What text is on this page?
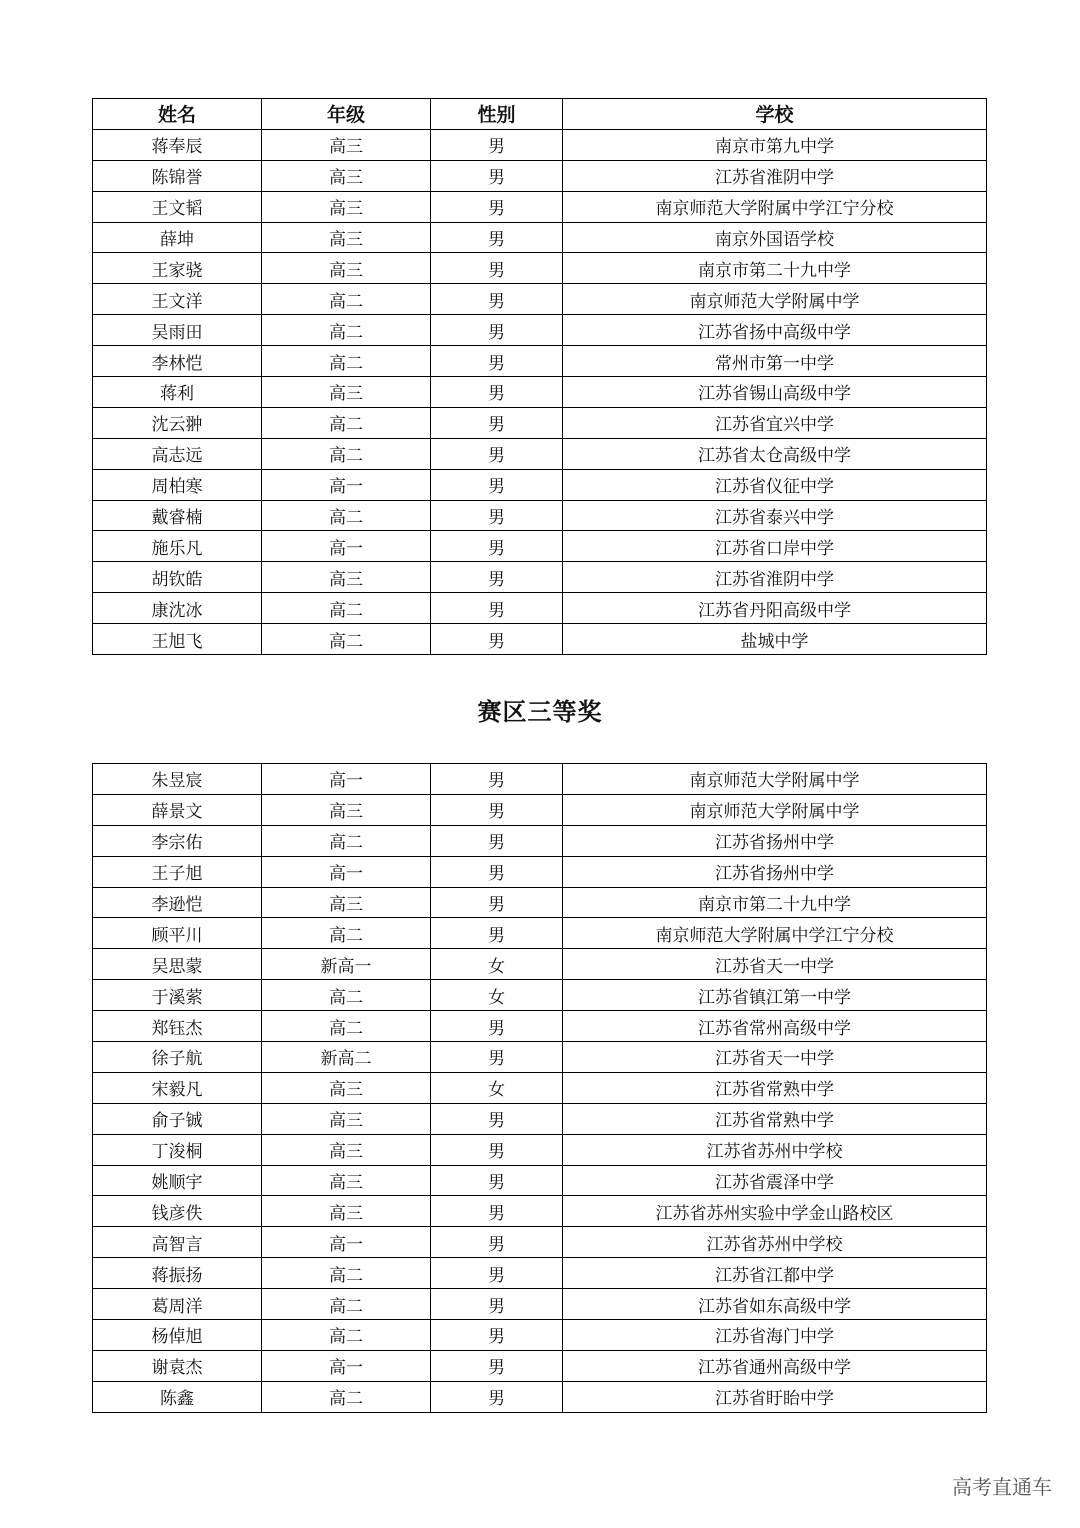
姓名	年级	性别	学校
蒋奉辰	高三	男	南京市第九中学
陈锦誉	高三	男	江苏省淮阴中学
王文韬	高三	男	南京师范大学附属中学江宁分校
薛坤	高三	男	南京外国语学校
王家骁	高三	男	南京市第二十九中学
王文洋	高二	男	南京师范大学附属中学
吴雨田	高二	男	江苏省扬中高级中学
李林恺	高二	男	常州市第一中学
蒋利	高三	男	江苏省锡山高级中学
沈云翀	高二	男	江苏省宜兴中学
高志远	高二	男	江苏省太仓高级中学
周柏寒	高一	男	江苏省仪征中学
戴睿楠	高二	男	江苏省泰兴中学
施乐凡	高一	男	江苏省口岸中学
胡钦皓	高三	男	江苏省淮阴中学
康沈冰	高二	男	江苏省丹阳高级中学
王旭飞	高二	男	盐城中学
赛区三等奖
朱昱宸	高一	男	南京师范大学附属中学
薛景文	高三	男	南京师范大学附属中学
李宗佑	高二	男	江苏省扬州中学
王子旭	高一	男	江苏省扬州中学
李逊恺	高三	男	南京市第二十九中学
顾平川	高二	男	南京师范大学附属中学江宁分校
吴思蒙	新高一	女	江苏省天一中学
于溪萦	高二	女	江苏省镇江第一中学
郑钰杰	高二	男	江苏省常州高级中学
徐子航	新高二	男	江苏省天一中学
宋毅凡	高三	女	江苏省常熟中学
俞子铖	高三	男	江苏省常熟中学
丁浚桐	高三	男	江苏省苏州中学校
姚顺宇	高三	男	江苏省震泽中学
钱彦佚	高三	男	江苏省苏州实验中学金山路校区
高智言	高一	男	江苏省苏州中学校
蒋振扬	高二	男	江苏省江都中学
葛周洋	高二	男	江苏省如东高级中学
杨倬旭	高二	男	江苏省海门中学
谢袁杰	高一	男	江苏省通州高级中学
陈鑫	高二	男	江苏省盱眙中学
高考直通车
